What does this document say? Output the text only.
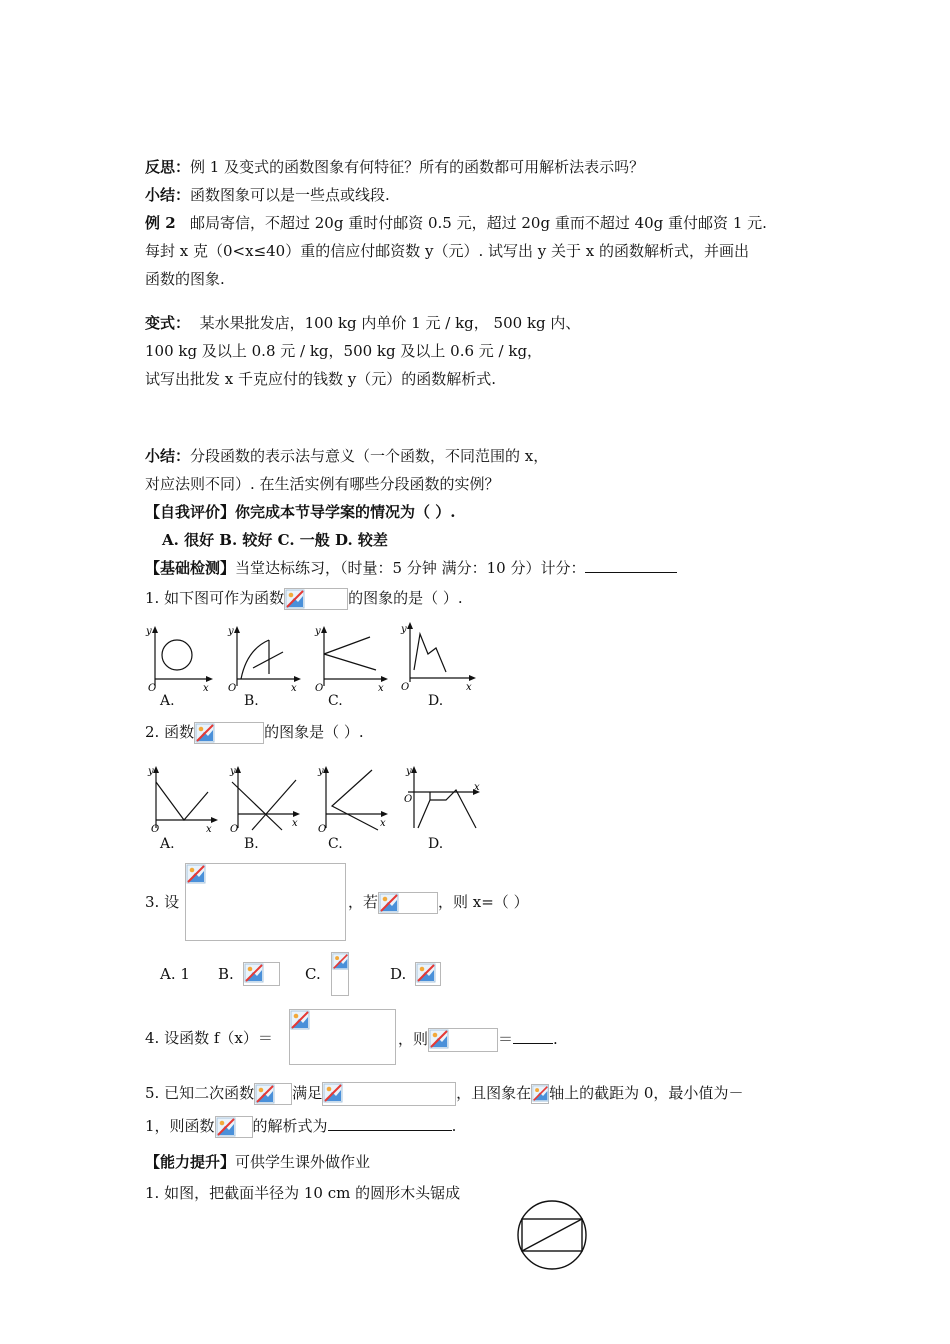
反思：例 1 及变式的函数图象有何特征？所有的函数都可用解析法表示吗？
小结：函数图象可以是一些点或线段.
例 2 邮局寄信，不超过 20g 重时付邮资 0.5 元，超过 20g 重而不超过 40g 重付邮资 1 元.
每封 x 克（0<x≤40）重的信应付邮资数 y（元）. 试写出 y 关于 x 的函数解析式，并画出
函数的图象.
变式： 某水果批发店，100 kg 内单价 1 元 / kg， 500 kg 内、
100 kg 及以上 0.8 元 / kg，500 kg 及以上 0.6 元 / kg，
试写出批发 x 千克应付的钱数 y（元）的函数解析式.
小结：分段函数的表示法与意义（一个函数，不同范围的 x，
对应法则不同）. 在生活实例有哪些分段函数的实例？
【自我评价】你完成本节导学案的情况为（ ）.
A. 很好 B. 较好 C. 一般 D. 较差
【基础检测】当堂达标练习，（时量：5 分钟 满分：10 分）计分：
1. 如下图可作为函数	的图象的是（ ）.
y
O	x
y
O	x
y
O	x
y
O	x
A.	B.	C.	D.
2. 函数	的图象是（ ）.
y
O	x
y
O
x
y
O
x
y
O
x
A.	B.	C.	D.
3. 设	，若	，则 x=（ ）
A. 1 B.	C.	D.
4. 设函数 f（x）＝	，则	＝	.
5. 已知二次函数	满足	，且图象在 轴上的截距为 0，最小值为－
1，则函数	的解析式为	.
【能力提升】可供学生课外做作业
1. 如图，把截面半径为 10 cm 的圆形木头锯成
